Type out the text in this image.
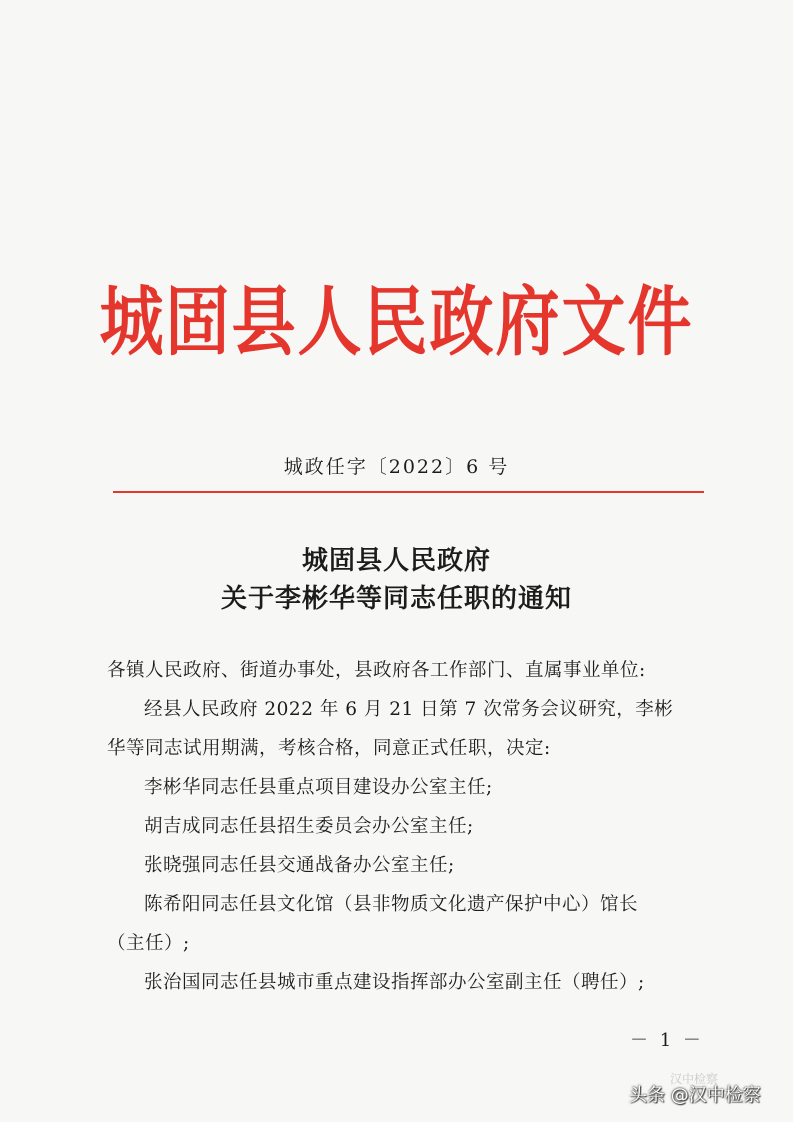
城固县人民政府文件
城政任字〔2022〕6 号
城固县人民政府
关于李彬华等同志任职的通知

各镇人民政府、街道办事处，县政府各工作部门、直属事业单位:

经县人民政府 2022 年 6 月 21 日第 7 次常务会议研究，李彬

华等同志试用期满，考核合格，同意正式任职，决定:

李彬华同志任县重点项目建设办公室主任;

胡吉成同志任县招生委员会办公室主任;

张晓强同志任县交通战备办公室主任;

陈希阳同志任县文化馆（县非物质文化遗产保护中心）馆长

（主任）;

张治国同志任县城市重点建设指挥部办公室副主任（聘任）;

－ 1 －
汉中检察
头条 @汉中检察
